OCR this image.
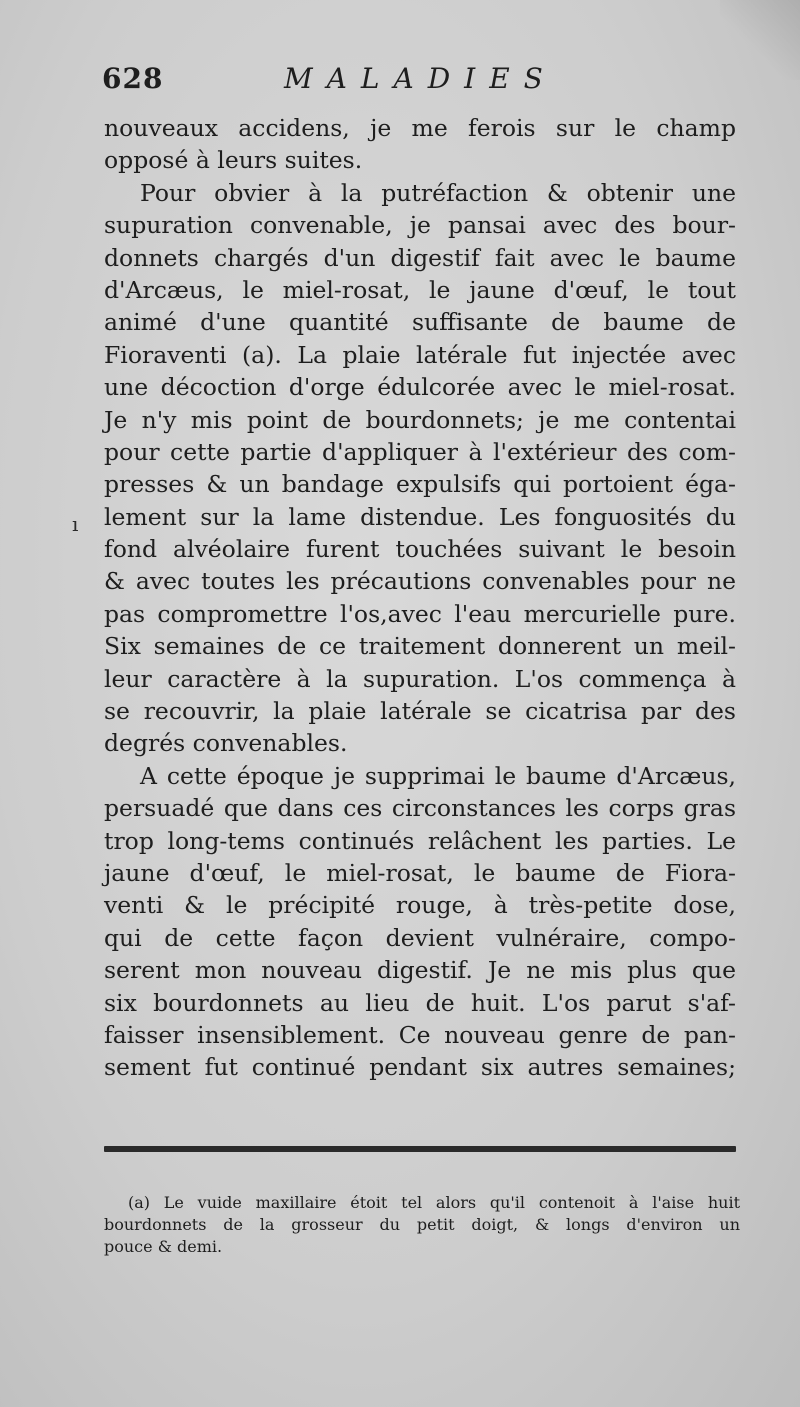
628	MALADIES
ı
nouveaux accidens, je me ferois sur le champ
opposé à leurs suites.
Pour obvier à la putréfaction & obtenir une
supuration convenable, je pansai avec des bour-
donnets chargés d'un digestif fait avec le baume
d'Arcæus, le miel-rosat, le jaune d'œuf, le tout
animé d'une quantité suffisante de baume de
Fioraventi (a). La plaie latérale fut injectée avec
une décoction d'orge édulcorée avec le miel-rosat.
Je n'y mis point de bourdonnets; je me contentai
pour cette partie d'appliquer à l'extérieur des com-
presses & un bandage expulsifs qui portoient éga-
lement sur la lame distendue. Les fonguosités du
fond alvéolaire furent touchées suivant le besoin
& avec toutes les précautions convenables pour ne
pas compromettre l'os,avec l'eau mercurielle pure.
Six semaines de ce traitement donnerent un meil-
leur caractère à la supuration. L'os commença à
se recouvrir, la plaie latérale se cicatrisa par des
degrés convenables.
A cette époque je supprimai le baume d'Arcæus,
persuadé que dans ces circonstances les corps gras
trop long-tems continués relâchent les parties. Le
jaune d'œuf, le miel-rosat, le baume de Fiora-
venti & le précipité rouge, à très-petite dose,
qui de cette façon devient vulnéraire, compo-
serent mon nouveau digestif. Je ne mis plus que
six bourdonnets au lieu de huit. L'os parut s'af-
faisser insensiblement. Ce nouveau genre de pan-
sement fut continué pendant six autres semaines;
(a) Le vuide maxillaire étoit tel alors qu'il contenoit à l'aise huit
bourdonnets de la grosseur du petit doigt, & longs d'environ un
pouce & demi.
